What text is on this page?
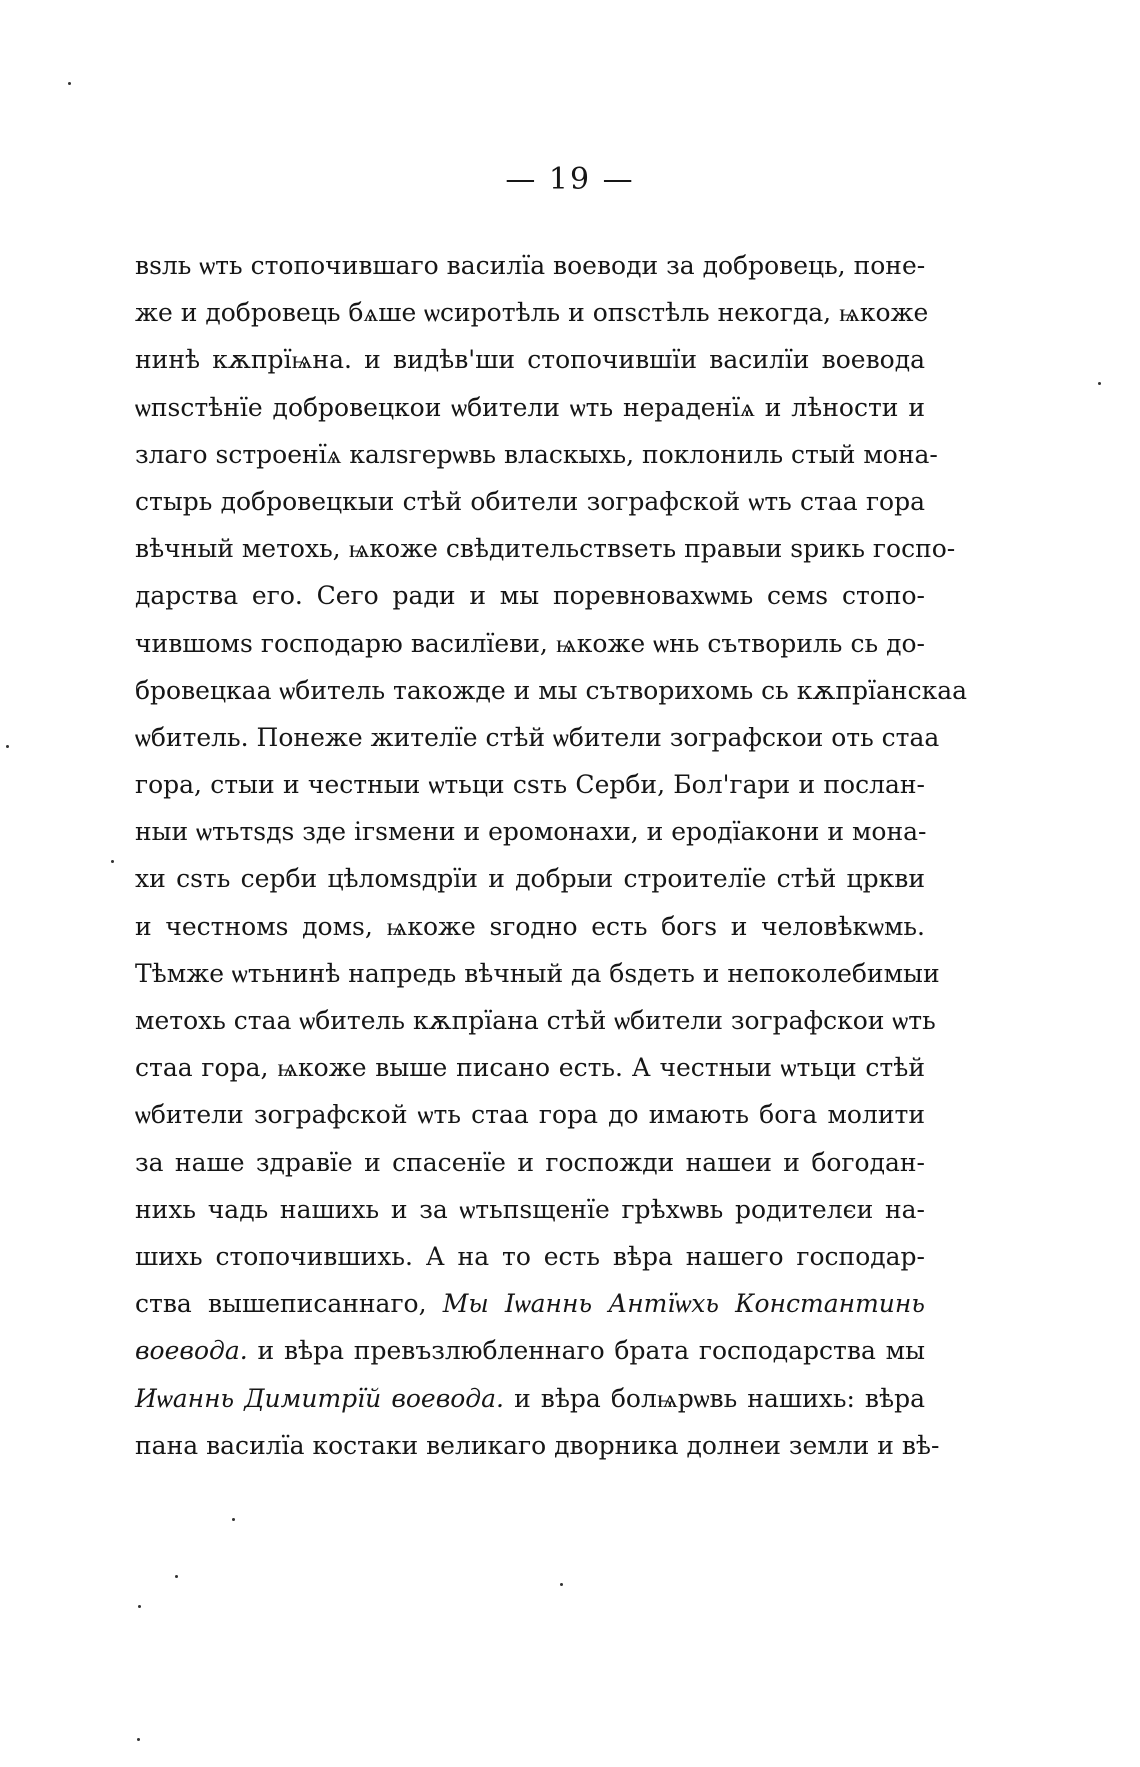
— 19 —
вѕль ѡть стопочившаго василїа воеводи за добровець, поне-
же и добровець бѧше ѡсиротѣль и опѕстѣль некогда, ѩкоже
нинѣ кѫпрїѩна. и видѣв'ши стопочившїи василїи воевода
ѡпѕстѣнїе добровецкои ѡбители ѡть нераденїѧ и лѣности и
злаго ѕстроенїѧ калѕгерѡвь власкыхь, поклониль стый мона-
стырь добровецкыи стѣй обители зографской ѡть стаа гора
вѣчный метохь, ѩкоже свѣдительствѕеть правыи ѕрикь госпо-
дарства его. Сего ради и мы поревновахѡмь семѕ стопо-
чившомѕ господарю василїеви, ѩкоже ѡнь сътвориль сь до-
бровецкаа ѡбитель такожде и мы сътворихомь сь кѫпрїанскаа
ѡбитель. Понеже жителїе стѣй ѡбители зографскои оть стаа
гора, стыи и честныи ѡтьци сѕть Серби, Бол'гари и послан-
ныи ѡтьтѕдѕ зде ігѕмени и еромонахи, и еродїакони и мона-
хи сѕть серби цѣломѕдрїи и добрыи строителїе стѣй цркви
и честномѕ домѕ, ѩкоже ѕгодно есть богѕ и человѣкѡмь.
Тѣмже ѡтьнинѣ напредь вѣчный да бѕдеть и непоколебимыи
метохь стаа ѡбитель кѫпрїана стѣй ѡбители зографскои ѡть
стаа гора, ѩкоже выше писано есть. А честныи ѡтьци стѣй
ѡбители зографской ѡть стаа гора до имають бога молити
за наше здравїе и спасенїе и госпожди нашеи и богодан-
нихь чадь нашихь и за ѡтьпѕщенїе грѣхѡвь родителєи на-
шихь стопочившихь. А на то есть вѣра нашего господар-
ства вышеписаннаго, Мы Іѡаннь Антїѡхь Константинь
воевода. и вѣра превъзлюбленнаго брата господарства мы
Иѡаннь Димитрїй воевода. и вѣра болѩрѡвь нашихь: вѣра
пана василїа костаки великаго дворника долнеи земли и вѣ-
